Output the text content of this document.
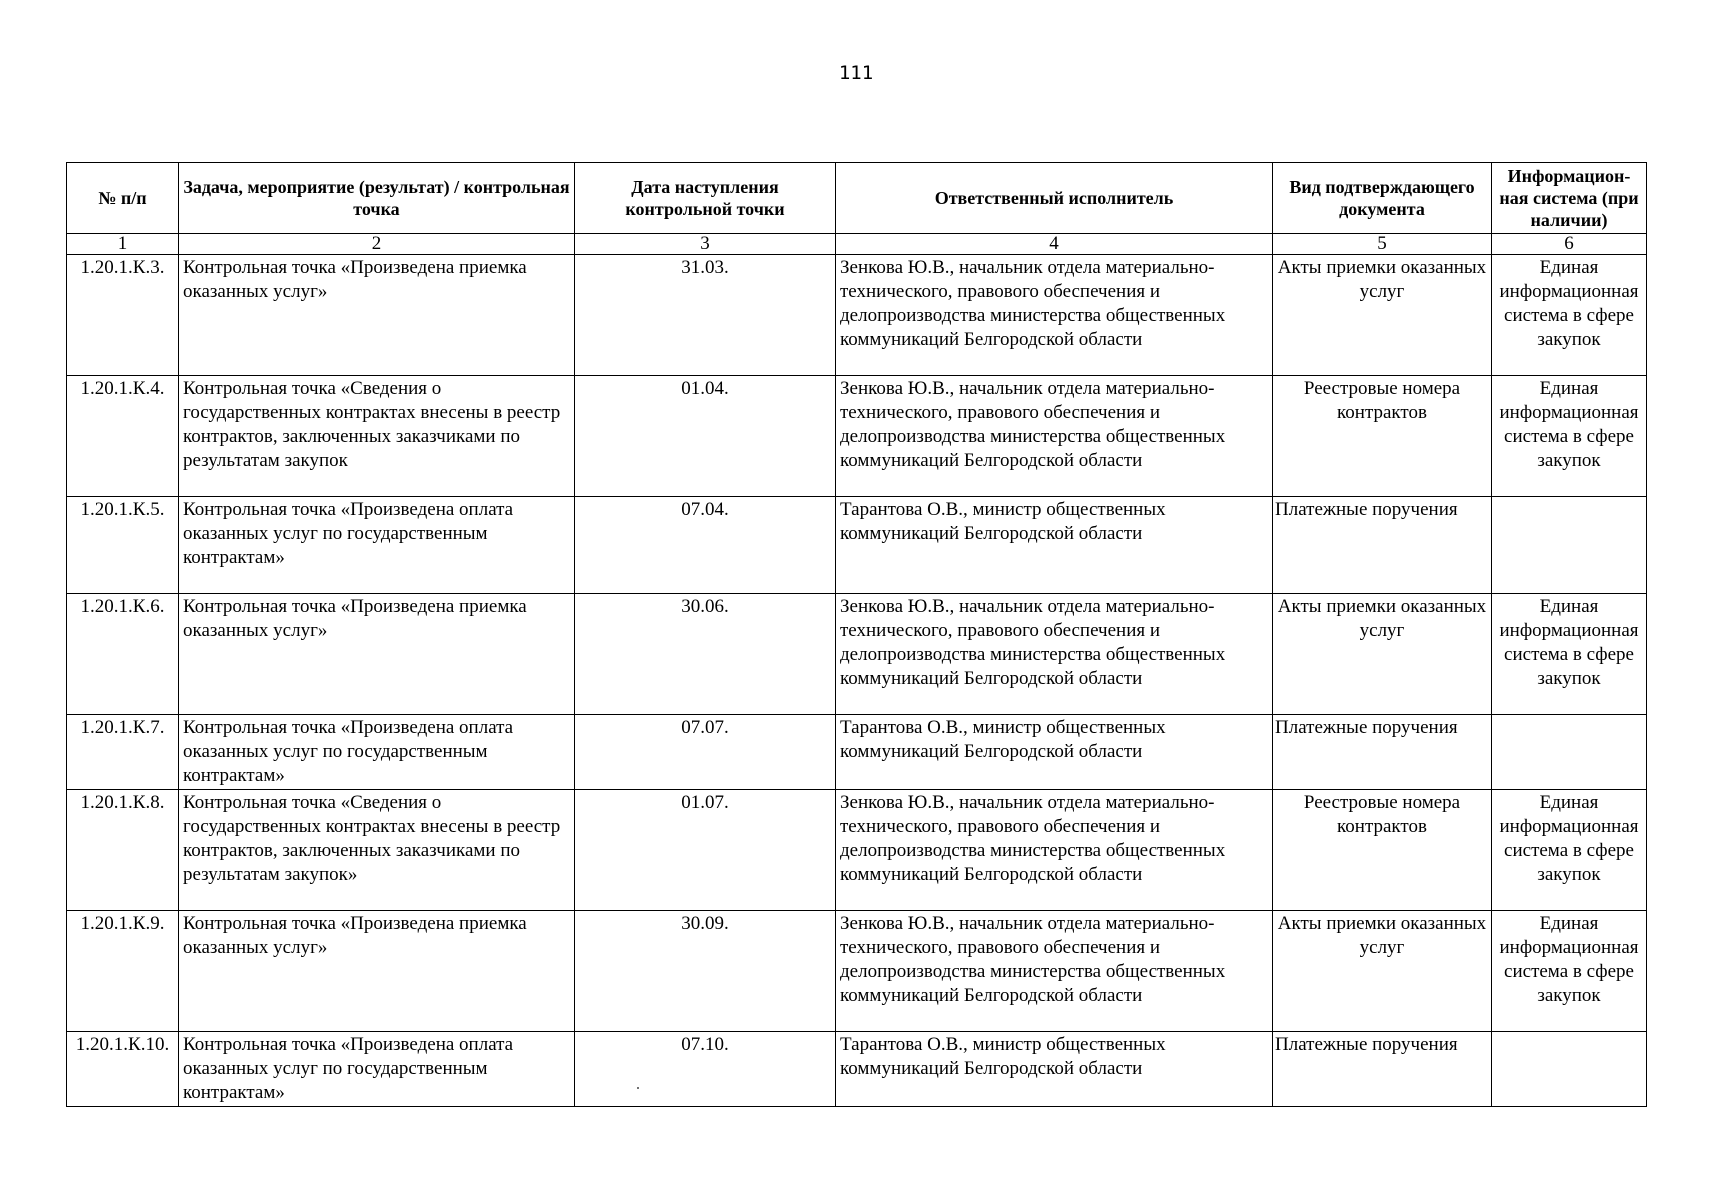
111
№ п/п	Задача, мероприятие (результат) / контрольная точка	Дата наступления контрольной точки	Ответственный исполнитель	Вид подтверждающего документа	Информацион-ная система (при наличии)
1	2	3	4	5	6
1.20.1.К.3.	Контрольная точка «Произведена приемка оказанных услуг»	31.03.	Зенкова Ю.В., начальник отдела материально-технического, правового обеспечения и делопроизводства министерства общественных коммуникаций Белгородской области	Акты приемки оказанных услуг	Единая информационная система в сфере закупок
1.20.1.К.4.	Контрольная точка «Сведения о государственных контрактах внесены в реестр контрактов, заключенных заказчиками по результатам закупок	01.04.	Зенкова Ю.В., начальник отдела материально-технического, правового обеспечения и делопроизводства министерства общественных коммуникаций Белгородской области	Реестровые номера контрактов	Единая информационная система в сфере закупок
1.20.1.К.5.	Контрольная точка «Произведена оплата оказанных услуг по государственным контрактам»	07.04.	Тарантова О.В., министр общественных коммуникаций Белгородской области	Платежные поручения	
1.20.1.К.6.	Контрольная точка «Произведена приемка оказанных услуг»	30.06.	Зенкова Ю.В., начальник отдела материально-технического, правового обеспечения и делопроизводства министерства общественных коммуникаций Белгородской области	Акты приемки оказанных услуг	Единая информационная система в сфере закупок
1.20.1.К.7.	Контрольная точка «Произведена оплата оказанных услуг по государственным контрактам»	07.07.	Тарантова О.В., министр общественных коммуникаций Белгородской области	Платежные поручения	
1.20.1.К.8.	Контрольная точка «Сведения о государственных контрактах внесены в реестр контрактов, заключенных заказчиками по результатам закупок»	01.07.	Зенкова Ю.В., начальник отдела материально-технического, правового обеспечения и делопроизводства министерства общественных коммуникаций Белгородской области	Реестровые номера контрактов	Единая информационная система в сфере закупок
1.20.1.К.9.	Контрольная точка «Произведена приемка оказанных услуг»	30.09.	Зенкова Ю.В., начальник отдела материально-технического, правового обеспечения и делопроизводства министерства общественных коммуникаций Белгородской области	Акты приемки оказанных услуг	Единая информационная система в сфере закупок
1.20.1.К.10.	Контрольная точка «Произведена оплата оказанных услуг по государственным контрактам»	07.10.	Тарантова О.В., министр общественных коммуникаций Белгородской области	Платежные поручения	
